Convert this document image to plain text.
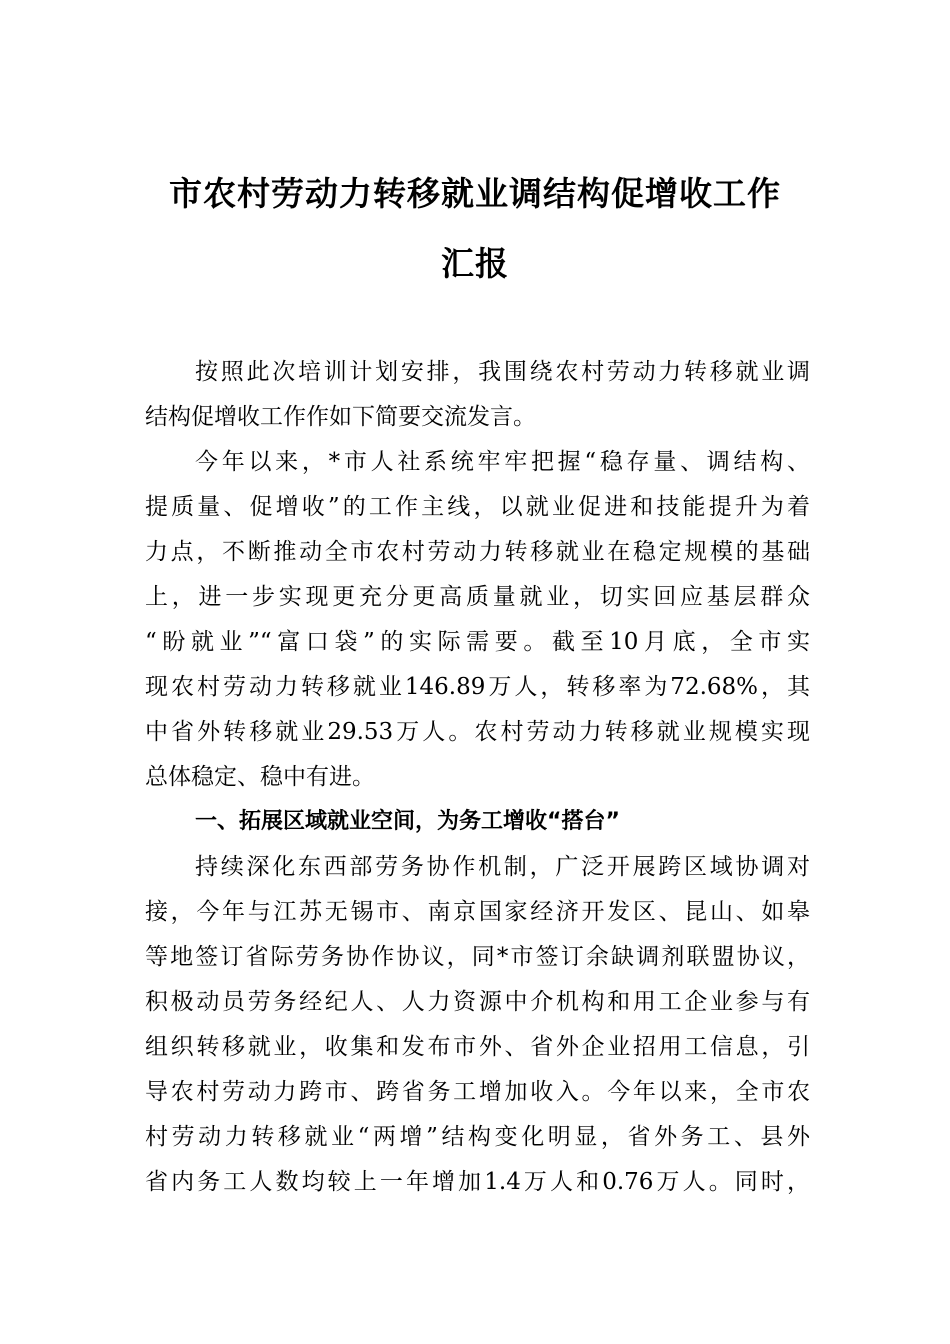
市农村劳动力转移就业调结构促增收工作
汇报
按照此次培训计划安排，我围绕农村劳动力转移就业调
结构促增收工作作如下简要交流发言。
今年以来，*市人社系统牢牢把握“稳存量、调结构、
提质量、促增收”的工作主线，以就业促进和技能提升为着
力点，不断推动全市农村劳动力转移就业在稳定规模的基础
上，进一步实现更充分更高质量就业，切实回应基层群众
“盼就业”“富口袋”的实际需要。截至10月底，全市实
现农村劳动力转移就业146.89万人，转移率为72.68%，其
中省外转移就业29.53万人。农村劳动力转移就业规模实现
总体稳定、稳中有进。
一、拓展区域就业空间，为务工增收“搭台”
持续深化东西部劳务协作机制，广泛开展跨区域协调对
接，今年与江苏无锡市、南京国家经济开发区、昆山、如皋
等地签订省际劳务协作协议，同*市签订余缺调剂联盟协议，
积极动员劳务经纪人、人力资源中介机构和用工企业参与有
组织转移就业，收集和发布市外、省外企业招用工信息，引
导农村劳动力跨市、跨省务工增加收入。今年以来，全市农
村劳动力转移就业“两增”结构变化明显，省外务工、县外
省内务工人数均较上一年增加1.4万人和0.76万人。同时，
